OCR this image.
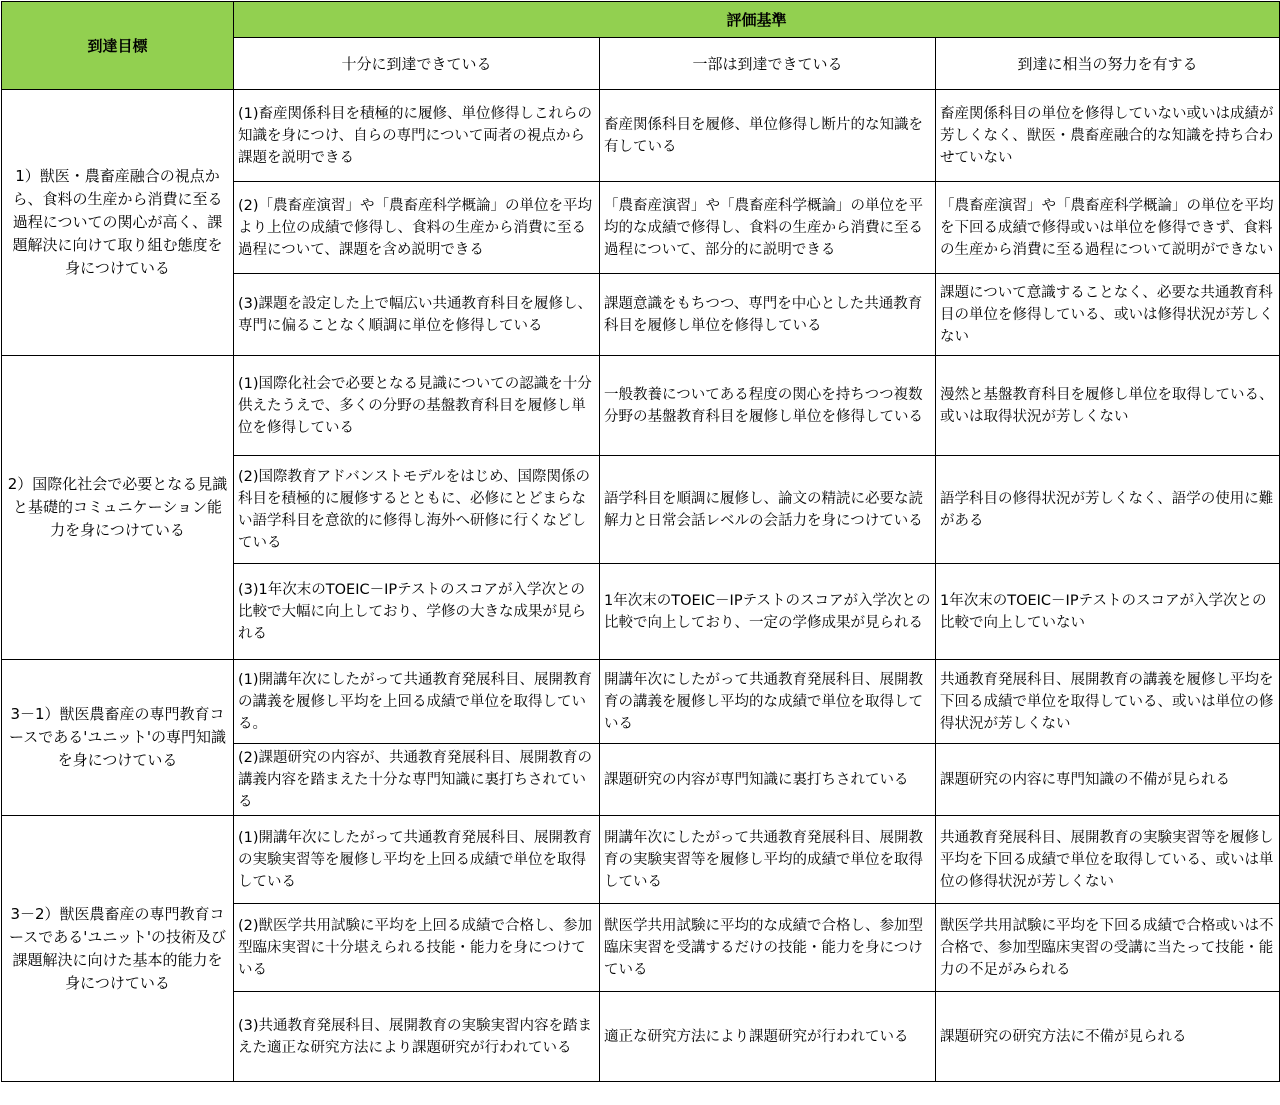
到達目標	評価基準		
	十分に到達できている	一部は到達できている	到達に相当の努力を有する
1）獣医・農畜産融合の視点から、食料の生産から消費に至る過程についての関心が高く、課題解決に向けて取り組む態度を身につけている	(1)畜産関係科目を積極的に履修、単位修得しこれらの知識を身につけ、自らの専門について両者の視点から課題を説明できる	畜産関係科目を履修、単位修得し断片的な知識を有している	畜産関係科目の単位を修得していない或いは成績が芳しくなく、獣医・農畜産融合的な知識を持ち合わせていない
	(2)「農畜産演習」や「農畜産科学概論」の単位を平均より上位の成績で修得し、食料の生産から消費に至る過程について、課題を含め説明できる	「農畜産演習」や「農畜産科学概論」の単位を平均的な成績で修得し、食料の生産から消費に至る過程について、部分的に説明できる	「農畜産演習」や「農畜産科学概論」の単位を平均を下回る成績で修得或いは単位を修得できず、食料の生産から消費に至る過程について説明ができない
	(3)課題を設定した上で幅広い共通教育科目を履修し、専門に偏ることなく順調に単位を修得している	課題意識をもちつつ、専門を中心とした共通教育科目を履修し単位を修得している	課題について意識することなく、必要な共通教育科目の単位を修得している、或いは修得状況が芳しくない
2）国際化社会で必要となる見識と基礎的コミュニケーション能力を身につけている	(1)国際化社会で必要となる見識についての認識を十分供えたうえで、多くの分野の基盤教育科目を履修し単位を修得している	一般教養についてある程度の関心を持ちつつ複数分野の基盤教育科目を履修し単位を修得している	漫然と基盤教育科目を履修し単位を取得している、或いは取得状況が芳しくない
	(2)国際教育アドバンストモデルをはじめ、国際関係の科目を積極的に履修するとともに、必修にとどまらない語学科目を意欲的に修得し海外へ研修に行くなどしている	語学科目を順調に履修し、論文の精読に必要な読解力と日常会話レベルの会話力を身につけている	語学科目の修得状況が芳しくなく、語学の使用に難がある
	(3)1年次末のTOEIC－IPテストのスコアが入学次との比較で大幅に向上しており、学修の大きな成果が見られる	1年次末のTOEIC－IPテストのスコアが入学次との比較で向上しており、一定の学修成果が見られる	1年次末のTOEIC－IPテストのスコアが入学次との比較で向上していない
3－1）獣医農畜産の専門教育コースである'ユニット'の専門知識を身につけている	(1)開講年次にしたがって共通教育発展科目、展開教育の講義を履修し平均を上回る成績で単位を取得している。	開講年次にしたがって共通教育発展科目、展開教育の講義を履修し平均的な成績で単位を取得している	共通教育発展科目、展開教育の講義を履修し平均を下回る成績で単位を取得している、或いは単位の修得状況が芳しくない
	(2)課題研究の内容が、共通教育発展科目、展開教育の講義内容を踏まえた十分な専門知識に裏打ちされている	課題研究の内容が専門知識に裏打ちされている	課題研究の内容に専門知識の不備が見られる
3－2）獣医農畜産の専門教育コースである'ユニット'の技術及び課題解決に向けた基本的能力を身につけている	(1)開講年次にしたがって共通教育発展科目、展開教育の実験実習等を履修し平均を上回る成績で単位を取得している	開講年次にしたがって共通教育発展科目、展開教育の実験実習等を履修し平均的成績で単位を取得している	共通教育発展科目、展開教育の実験実習等を履修し平均を下回る成績で単位を取得している、或いは単位の修得状況が芳しくない
	(2)獣医学共用試験に平均を上回る成績で合格し、参加型臨床実習に十分堪えられる技能・能力を身につけている	獣医学共用試験に平均的な成績で合格し、参加型臨床実習を受講するだけの技能・能力を身につけている	獣医学共用試験に平均を下回る成績で合格或いは不合格で、参加型臨床実習の受講に当たって技能・能力の不足がみられる
	(3)共通教育発展科目、展開教育の実験実習内容を踏まえた適正な研究方法により課題研究が行われている	適正な研究方法により課題研究が行われている	課題研究の研究方法に不備が見られる
